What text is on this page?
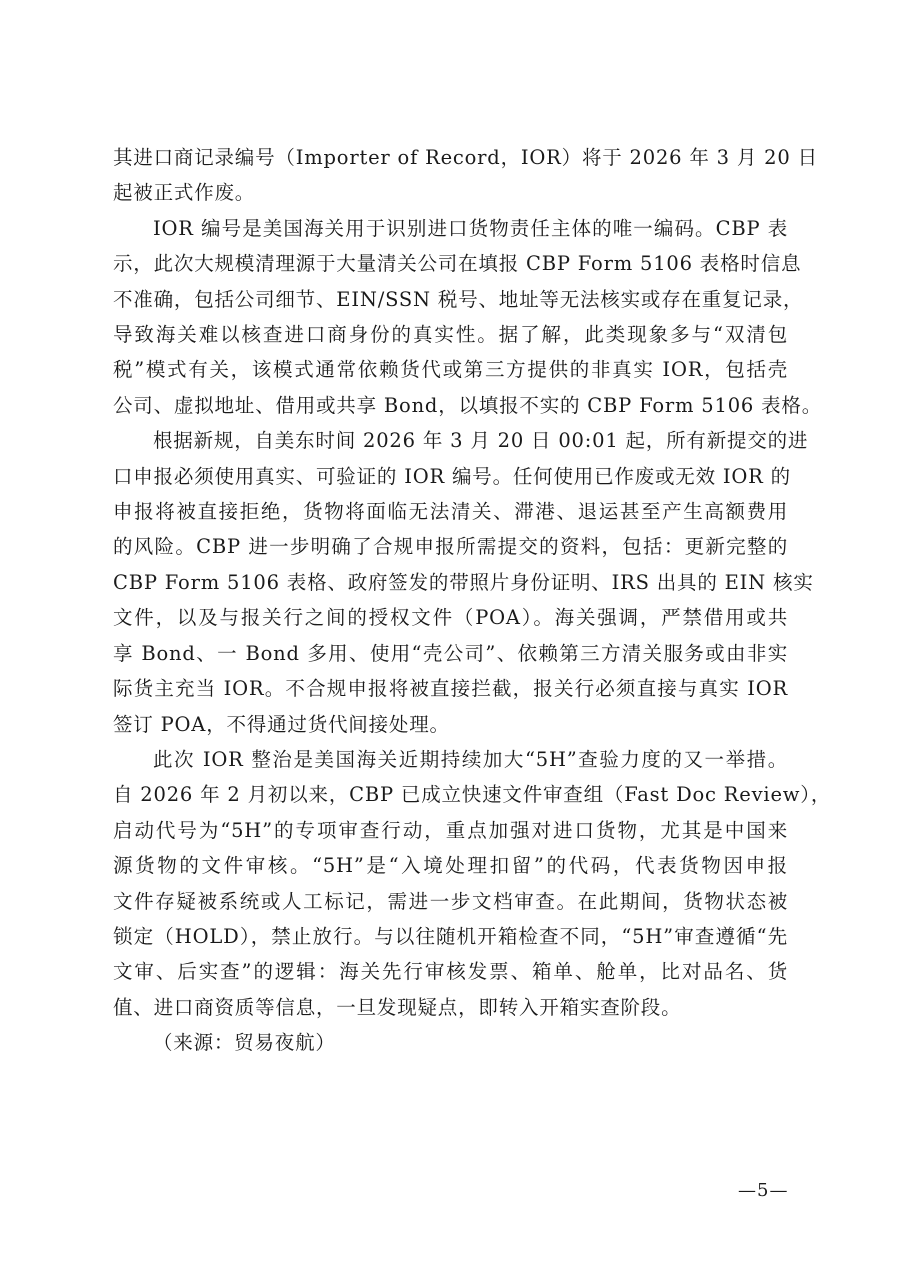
其进口商记录编号（Importer of Record，IOR）将于 2026 年 3 月 20 日
起被正式作废。

IOR 编号是美国海关用于识别进口货物责任主体的唯一编码。CBP 表
示，此次大规模清理源于大量清关公司在填报 CBP Form 5106 表格时信息
不准确，包括公司细节、EIN/SSN 税号、地址等无法核实或存在重复记录，
导致海关难以核查进口商身份的真实性。据了解，此类现象多与“双清包
税”模式有关，该模式通常依赖货代或第三方提供的非真实 IOR，包括壳
公司、虚拟地址、借用或共享 Bond，以填报不实的 CBP Form 5106 表格。

根据新规，自美东时间 2026 年 3 月 20 日 00:01 起，所有新提交的进
口申报必须使用真实、可验证的 IOR 编号。任何使用已作废或无效 IOR 的
申报将被直接拒绝，货物将面临无法清关、滞港、退运甚至产生高额费用
的风险。CBP 进一步明确了合规申报所需提交的资料，包括：更新完整的
CBP Form 5106 表格、政府签发的带照片身份证明、IRS 出具的 EIN 核实
文件，以及与报关行之间的授权文件（POA）。海关强调，严禁借用或共
享 Bond、一 Bond 多用、使用“壳公司”、依赖第三方清关服务或由非实
际货主充当 IOR。不合规申报将被直接拦截，报关行必须直接与真实 IOR
签订 POA，不得通过货代间接处理。

此次 IOR 整治是美国海关近期持续加大“5H”查验力度的又一举措。
自 2026 年 2 月初以来，CBP 已成立快速文件审查组（Fast Doc Review），
启动代号为“5H”的专项审查行动，重点加强对进口货物，尤其是中国来
源货物的文件审核。“5H”是“入境处理扣留”的代码，代表货物因申报
文件存疑被系统或人工标记，需进一步文档审查。在此期间，货物状态被
锁定（HOLD），禁止放行。与以往随机开箱检查不同，“5H”审查遵循“先
文审、后实查”的逻辑：海关先行审核发票、箱单、舱单，比对品名、货
值、进口商资质等信息，一旦发现疑点，即转入开箱实查阶段。

（来源：贸易夜航）

—5—
